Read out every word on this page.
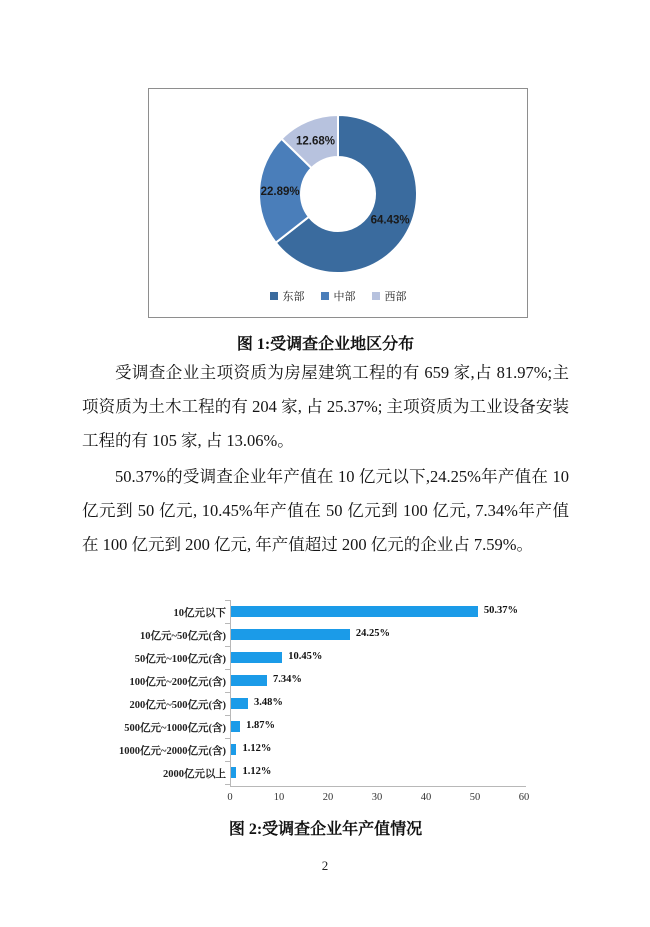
64.43%
22.89%
12.68%
东部	中部	西部

图 1:受调查企业地区分布

受调查企业主项资质为房屋建筑工程的有 659 家,占 81.97%;主项资质为土木工程的有 204 家, 占 25.37%; 主项资质为工业设备安装工程的有 105 家, 占 13.06%。

50.37%的受调查企业年产值在 10 亿元以下,24.25%年产值在 10 亿元到 50 亿元, 10.45%年产值在 50 亿元到 100 亿元, 7.34%年产值在 100 亿元到 200 亿元, 年产值超过 200 亿元的企业占 7.59%。

10亿元以下	50.37%
10亿元~50亿元(含)	24.25%
50亿元~100亿元(含)	10.45%
100亿元~200亿元(含)	7.34%
200亿元~500亿元(含)	3.48%
500亿元~1000亿元(含) 1.87%
1000亿元~2000亿元(含) 1.12%
2000亿元以上 1.12%
0	10	20	30	40	50	60

图 2:受调查企业年产值情况

2
